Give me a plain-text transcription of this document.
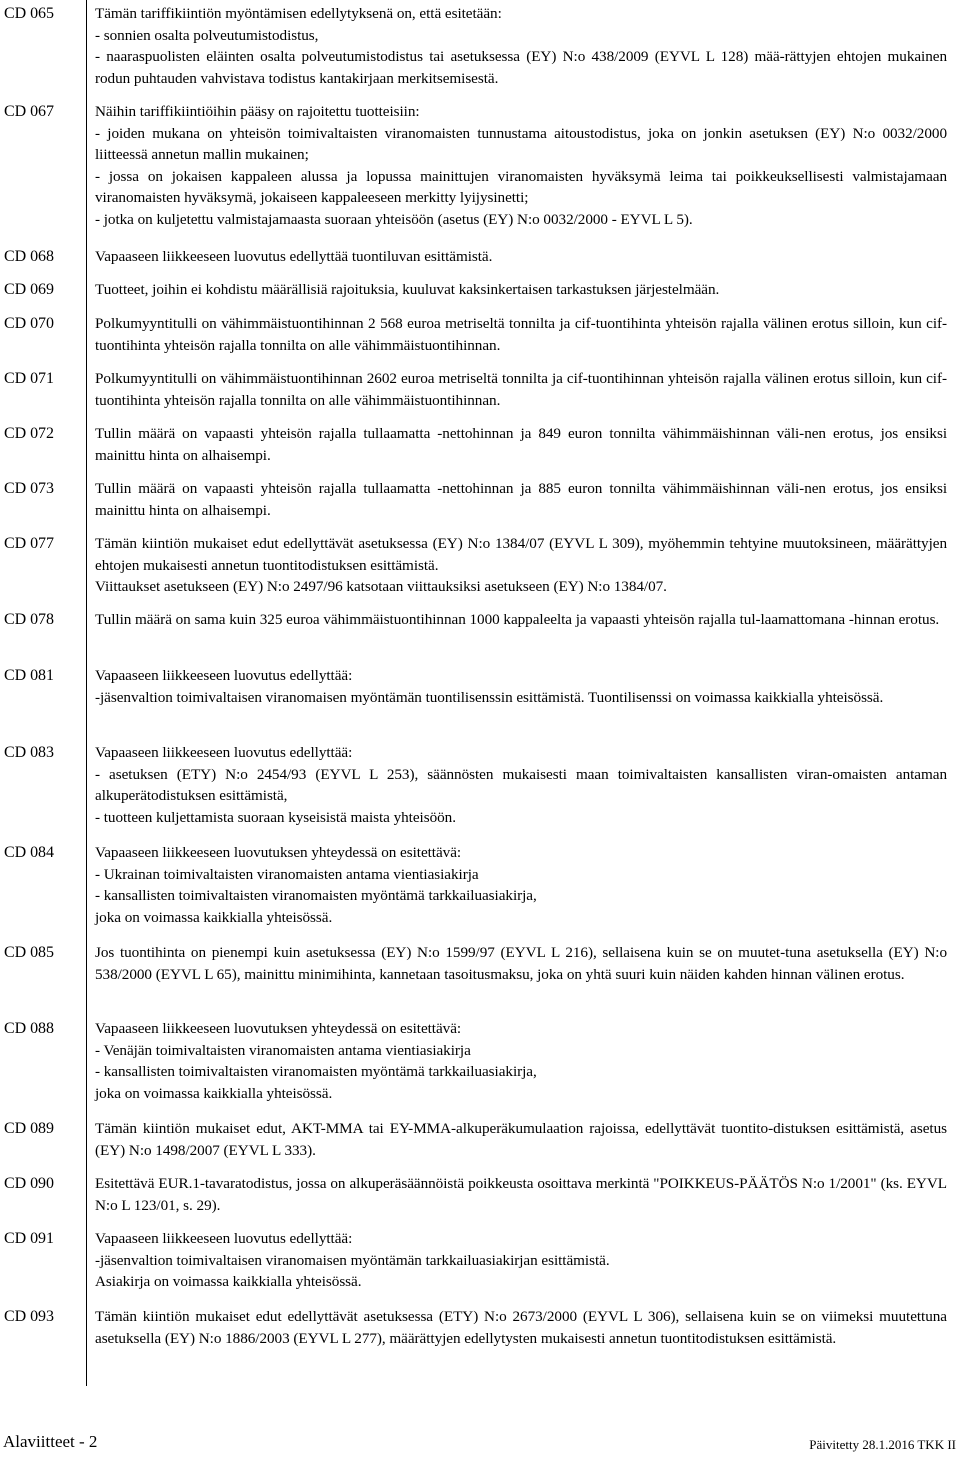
CD 065	Tämän tariffikiintiön myöntämisen edellytyksenä on, että esitetään:

- sonnien osalta polveutumistodistus,

- naaraspuolisten eläinten osalta polveutumistodistus tai asetuksessa (EY) N:o 438/2009 (EYVL L 128) mää-rättyjen ehtojen mukainen rodun puhtauden vahvistava todistus kantakirjaan merkitsemisestä.

CD 067	Näihin tariffikiintiöihin pääsy on rajoitettu tuotteisiin:

- joiden mukana on yhteisön toimivaltaisten viranomaisten tunnustama aitoustodistus, joka on jonkin asetuksen (EY) N:o 0032/2000 liitteessä annetun mallin mukainen;

- jossa on jokaisen kappaleen alussa ja lopussa mainittujen viranomaisten hyväksymä leima tai poikkeuksellisesti valmistajamaan viranomaisten hyväksymä, jokaiseen kappaleeseen merkitty lyijysinetti;

- jotka on kuljetettu valmistajamaasta suoraan yhteisöön (asetus (EY) N:o 0032/2000 - EYVL L 5).

CD 068	Vapaaseen liikkeeseen luovutus edellyttää tuontiluvan esittämistä.

CD 069	Tuotteet, joihin ei kohdistu määrällisiä rajoituksia, kuuluvat kaksinkertaisen tarkastuksen järjestelmään.

CD 070	Polkumyyntitulli on vähimmäistuontihinnan 2 568 euroa metriseltä tonnilta ja cif-tuontihinta yhteisön rajalla välinen erotus silloin, kun cif-tuontihinta yhteisön rajalla tonnilta on alle vähimmäistuontihinnan.

CD 071	Polkumyyntitulli on vähimmäistuontihinnan 2602 euroa metriseltä tonnilta ja cif-tuontihinnan yhteisön rajalla välinen erotus silloin, kun cif-tuontihinta yhteisön rajalla tonnilta on alle vähimmäistuontihinnan.

CD 072	Tullin määrä on vapaasti yhteisön rajalla tullaamatta -nettohinnan ja 849 euron tonnilta vähimmäishinnan väli-nen erotus, jos ensiksi mainittu hinta on alhaisempi.

CD 073	Tullin määrä on vapaasti yhteisön rajalla tullaamatta -nettohinnan ja 885 euron tonnilta vähimmäishinnan väli-nen erotus, jos ensiksi mainittu hinta on alhaisempi.

CD 077	Tämän kiintiön mukaiset edut edellyttävät asetuksessa (EY) N:o 1384/07 (EYVL L 309), myöhemmin tehtyine muutoksineen, määrättyjen ehtojen mukaisesti annetun tuontitodistuksen esittämistä.

Viittaukset asetukseen (EY) N:o 2497/96 katsotaan viittauksiksi asetukseen (EY) N:o 1384/07.

CD 078	Tullin määrä on sama kuin 325 euroa vähimmäistuontihinnan 1000 kappaleelta ja vapaasti yhteisön rajalla tul-laamattomana -hinnan erotus.

CD 081	Vapaaseen liikkeeseen luovutus edellyttää:

-jäsenvaltion toimivaltaisen viranomaisen myöntämän tuontilisenssin esittämistä. Tuontilisenssi on voimassa kaikkialla yhteisössä.

CD 083	Vapaaseen liikkeeseen luovutus edellyttää:

- asetuksen (ETY) N:o 2454/93 (EYVL L 253), säännösten mukaisesti maan toimivaltaisten kansallisten viran-omaisten antaman alkuperätodistuksen esittämistä,

- tuotteen kuljettamista suoraan kyseisistä maista yhteisöön.

CD 084	Vapaaseen liikkeeseen luovutuksen yhteydessä on esitettävä:

- Ukrainan toimivaltaisten viranomaisten antama vientiasiakirja

- kansallisten toimivaltaisten viranomaisten myöntämä tarkkailuasiakirja,

joka on voimassa kaikkialla yhteisössä.

CD 085	Jos tuontihinta on pienempi kuin asetuksessa (EY) N:o 1599/97 (EYVL L 216), sellaisena kuin se on muutet-tuna asetuksella (EY) N:o 538/2000 (EYVL L 65), mainittu minimihinta, kannetaan tasoitusmaksu, joka on yhtä suuri kuin näiden kahden hinnan välinen erotus.

CD 088	Vapaaseen liikkeeseen luovutuksen yhteydessä on esitettävä:

- Venäjän toimivaltaisten viranomaisten antama vientiasiakirja

- kansallisten toimivaltaisten viranomaisten myöntämä tarkkailuasiakirja,

joka on voimassa kaikkialla yhteisössä.

CD 089	Tämän kiintiön mukaiset edut, AKT-MMA tai EY-MMA-alkuperäkumulaation rajoissa, edellyttävät tuontito-distuksen esittämistä, asetus (EY) N:o 1498/2007 (EYVL L 333).

CD 090	Esitettävä EUR.1-tavaratodistus, jossa on alkuperäsäännöistä poikkeusta osoittava merkintä "POIKKEUS-PÄÄTÖS N:o 1/2001" (ks. EYVL N:o L 123/01, s. 29).

CD 091	Vapaaseen liikkeeseen luovutus edellyttää:

-jäsenvaltion toimivaltaisen viranomaisen myöntämän tarkkailuasiakirjan esittämistä.

Asiakirja on voimassa kaikkialla yhteisössä.

CD 093	Tämän kiintiön mukaiset edut edellyttävät asetuksessa (ETY) N:o 2673/2000 (EYVL L 306), sellaisena kuin se on viimeksi muutettuna asetuksella (EY) N:o 1886/2003 (EYVL L 277), määrättyjen edellytysten mukaisesti annetun tuontitodistuksen esittämistä.

Alaviitteet - 2	Päivitetty 28.1.2016 TKK II
